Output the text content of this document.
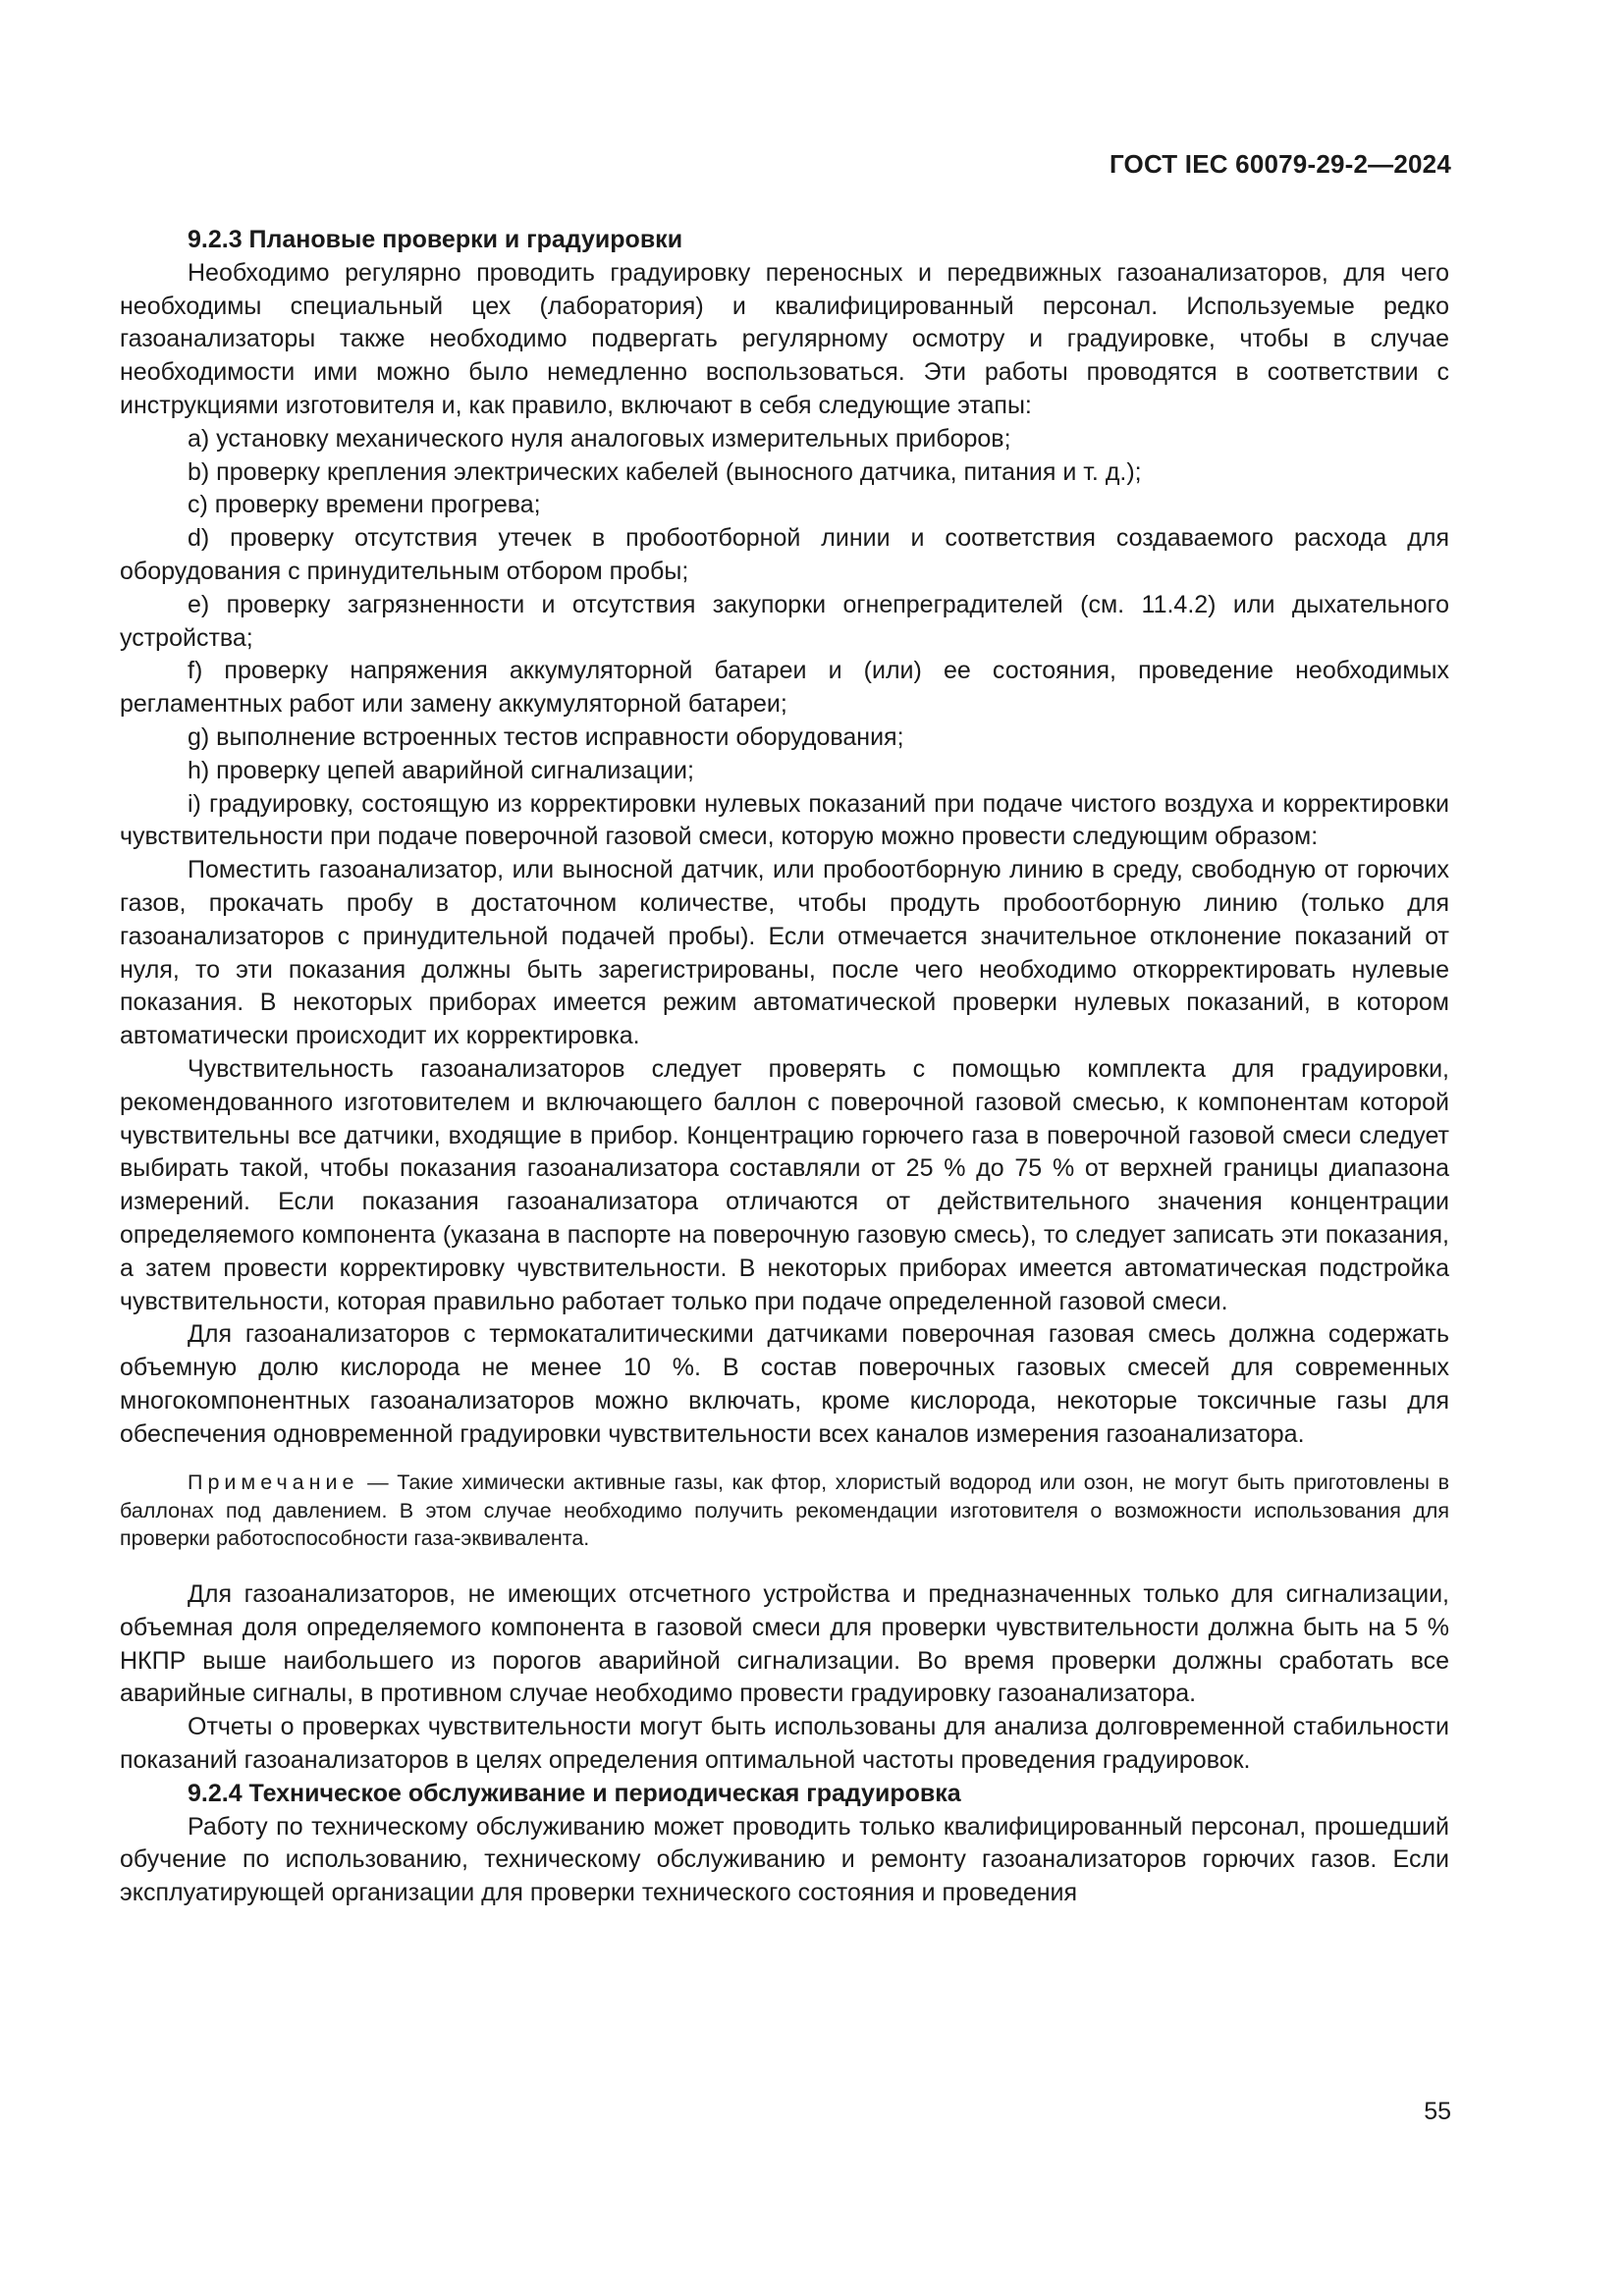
ГОСТ IEC 60079-29-2—2024

9.2.3 Плановые проверки и градуировки

Необходимо регулярно проводить градуировку переносных и передвижных газоанализаторов, для чего необходимы специальный цех (лаборатория) и квалифицированный персонал. Используемые редко газоанализаторы также необходимо подвергать регулярному осмотру и градуировке, чтобы в случае необходимости ими можно было немедленно воспользоваться. Эти работы проводятся в соответствии с инструкциями изготовителя и, как правило, включают в себя следующие этапы:

a) установку механического нуля аналоговых измерительных приборов;

b) проверку крепления электрических кабелей (выносного датчика, питания и т. д.);

c) проверку времени прогрева;

d) проверку отсутствия утечек в пробоотборной линии и соответствия создаваемого расхода для оборудования с принудительным отбором пробы;

e) проверку загрязненности и отсутствия закупорки огнепреградителей (см. 11.4.2) или дыхательного устройства;

f) проверку напряжения аккумуляторной батареи и (или) ее состояния, проведение необходимых регламентных работ или замену аккумуляторной батареи;

g) выполнение встроенных тестов исправности оборудования;

h) проверку цепей аварийной сигнализации;

i) градуировку, состоящую из корректировки нулевых показаний при подаче чистого воздуха и корректировки чувствительности при подаче поверочной газовой смеси, которую можно провести следующим образом:

Поместить газоанализатор, или выносной датчик, или пробоотборную линию в среду, свободную от горючих газов, прокачать пробу в достаточном количестве, чтобы продуть пробоотборную линию (только для газоанализаторов с принудительной подачей пробы). Если отмечается значительное отклонение показаний от нуля, то эти показания должны быть зарегистрированы, после чего необходимо откорректировать нулевые показания. В некоторых приборах имеется режим автоматической проверки нулевых показаний, в котором автоматически происходит их корректировка.

Чувствительность газоанализаторов следует проверять с помощью комплекта для градуировки, рекомендованного изготовителем и включающего баллон с поверочной газовой смесью, к компонентам которой чувствительны все датчики, входящие в прибор. Концентрацию горючего газа в поверочной газовой смеси следует выбирать такой, чтобы показания газоанализатора составляли от 25 % до 75 % от верхней границы диапазона измерений. Если показания газоанализатора отличаются от действительного значения концентрации определяемого компонента (указана в паспорте на поверочную газовую смесь), то следует записать эти показания, а затем провести корректировку чувствительности. В некоторых приборах имеется автоматическая подстройка чувствительности, которая правильно работает только при подаче определенной газовой смеси.

Для газоанализаторов с термокаталитическими датчиками поверочная газовая смесь должна содержать объемную долю кислорода не менее 10 %. В состав поверочных газовых смесей для современных многокомпонентных газоанализаторов можно включать, кроме кислорода, некоторые токсичные газы для обеспечения одновременной градуировки чувствительности всех каналов измерения газоанализатора.

Примечание — Такие химически активные газы, как фтор, хлористый водород или озон, не могут быть приготовлены в баллонах под давлением. В этом случае необходимо получить рекомендации изготовителя о возможности использования для проверки работоспособности газа-эквивалента.

Для газоанализаторов, не имеющих отсчетного устройства и предназначенных только для сигнализации, объемная доля определяемого компонента в газовой смеси для проверки чувствительности должна быть на 5 % НКПР выше наибольшего из порогов аварийной сигнализации. Во время проверки должны сработать все аварийные сигналы, в противном случае необходимо провести градуировку газоанализатора.

Отчеты о проверках чувствительности могут быть использованы для анализа долговременной стабильности показаний газоанализаторов в целях определения оптимальной частоты проведения градуировок.

9.2.4 Техническое обслуживание и периодическая градуировка

Работу по техническому обслуживанию может проводить только квалифицированный персонал, прошедший обучение по использованию, техническому обслуживанию и ремонту газоанализаторов горючих газов. Если эксплуатирующей организации для проверки технического состояния и проведения

55
